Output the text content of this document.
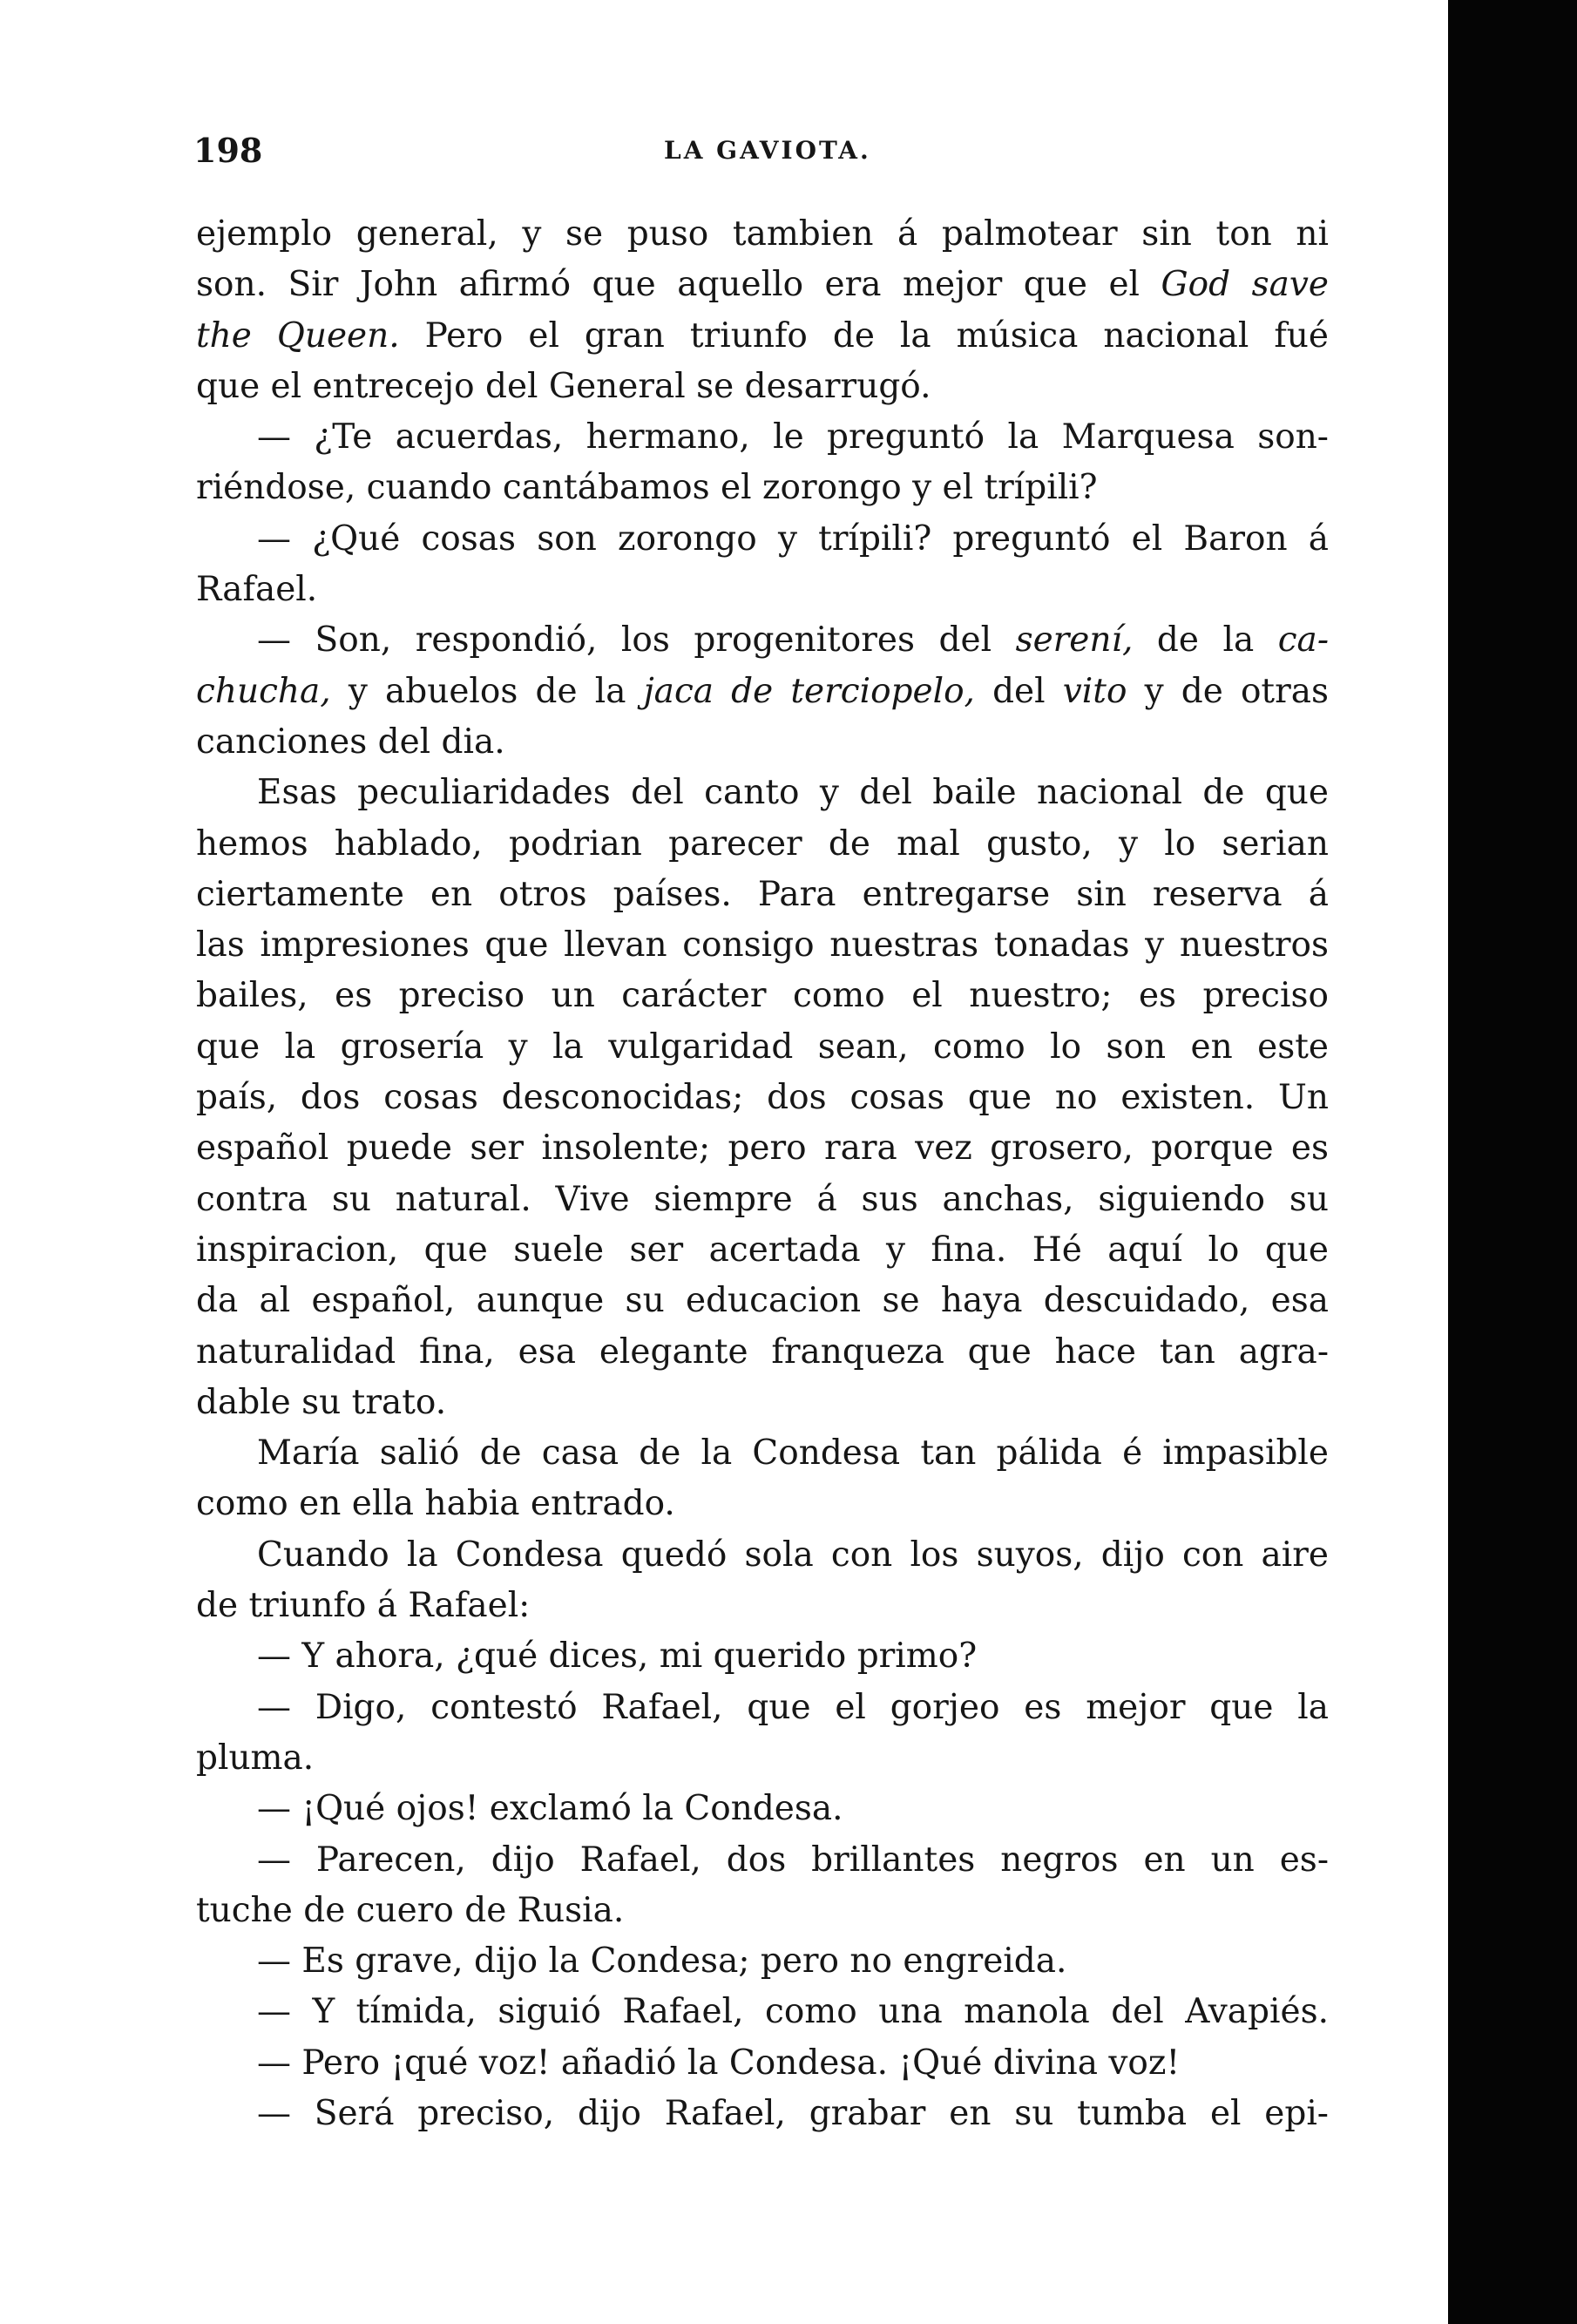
198	LA GAVIOTA.
ejemplo general, y se puso tambien á palmotear sin ton ni
son. Sir John afirmó que aquello era mejor que el God save
the Queen. Pero el gran triunfo de la música nacional fué
que el entrecejo del General se desarrugó.
— ¿Te acuerdas, hermano, le preguntó la Marquesa son-
riéndose, cuando cantábamos el zorongo y el trípili?
— ¿Qué cosas son zorongo y trípili? preguntó el Baron á
Rafael.
— Son, respondió, los progenitores del serení, de la ca-
chucha, y abuelos de la jaca de terciopelo, del vito y de otras
canciones del dia.
Esas peculiaridades del canto y del baile nacional de que
hemos hablado, podrian parecer de mal gusto, y lo serian
ciertamente en otros países. Para entregarse sin reserva á
las impresiones que llevan consigo nuestras tonadas y nuestros
bailes, es preciso un carácter como el nuestro; es preciso
que la grosería y la vulgaridad sean, como lo son en este
país, dos cosas desconocidas; dos cosas que no existen. Un
español puede ser insolente; pero rara vez grosero, porque es
contra su natural. Vive siempre á sus anchas, siguiendo su
inspiracion, que suele ser acertada y fina. Hé aquí lo que
da al español, aunque su educacion se haya descuidado, esa
naturalidad fina, esa elegante franqueza que hace tan agra-
dable su trato.
María salió de casa de la Condesa tan pálida é impasible
como en ella habia entrado.
Cuando la Condesa quedó sola con los suyos, dijo con aire
de triunfo á Rafael:
— Y ahora, ¿qué dices, mi querido primo?
— Digo, contestó Rafael, que el gorjeo es mejor que la
pluma.
— ¡Qué ojos! exclamó la Condesa.
— Parecen, dijo Rafael, dos brillantes negros en un es-
tuche de cuero de Rusia.
— Es grave, dijo la Condesa; pero no engreida.
— Y tímida, siguió Rafael, como una manola del Avapiés.
— Pero ¡qué voz! añadió la Condesa. ¡Qué divina voz!
— Será preciso, dijo Rafael, grabar en su tumba el epi-
